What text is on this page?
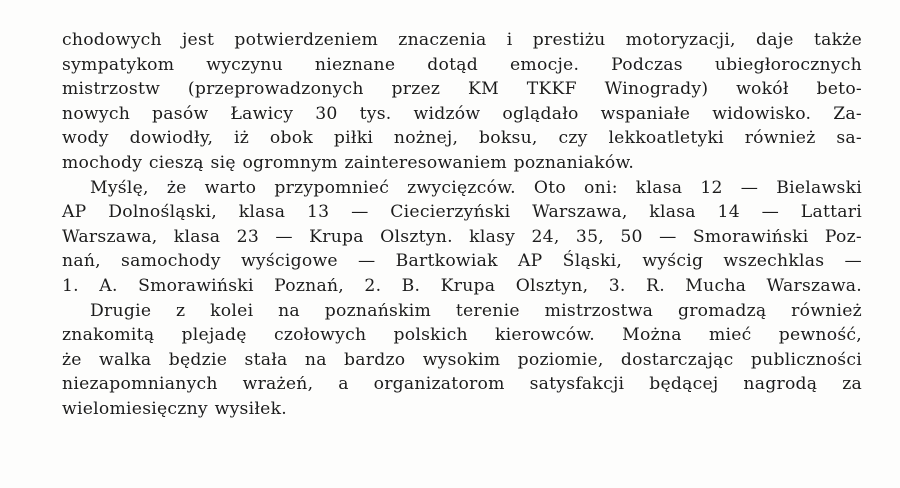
chodowych jest potwierdzeniem znaczenia i prestiżu motoryzacji, daje także
sympatykom wyczynu nieznane dotąd emocje. Podczas ubiegłorocznych
mistrzostw (przeprowadzonych przez KM TKKF Winogrady) wokół beto-
nowych pasów Ławicy 30 tys. widzów oglądało wspaniałe widowisko. Za-
wody dowiodły, iż obok piłki nożnej, boksu, czy lekkoatletyki również sa-
mochody cieszą się ogromnym zainteresowaniem poznaniaków.
Myślę, że warto przypomnieć zwycięzców. Oto oni: klasa 12 — Bielawski
AP Dolnośląski, klasa 13 — Ciecierzyński Warszawa, klasa 14 — Lattari
Warszawa, klasa 23 — Krupa Olsztyn. klasy 24, 35, 50 — Smorawiński Poz-
nań, samochody wyścigowe — Bartkowiak AP Śląski, wyścig wszechklas —
1. A. Smorawiński Poznań, 2. B. Krupa Olsztyn, 3. R. Mucha Warszawa.
Drugie z kolei na poznańskim terenie mistrzostwa gromadzą również
znakomitą plejadę czołowych polskich kierowców. Można mieć pewność,
że walka będzie stała na bardzo wysokim poziomie, dostarczając publiczności
niezapomnianych wrażeń, a organizatorom satysfakcji będącej nagrodą za
wielomiesięczny wysiłek.
